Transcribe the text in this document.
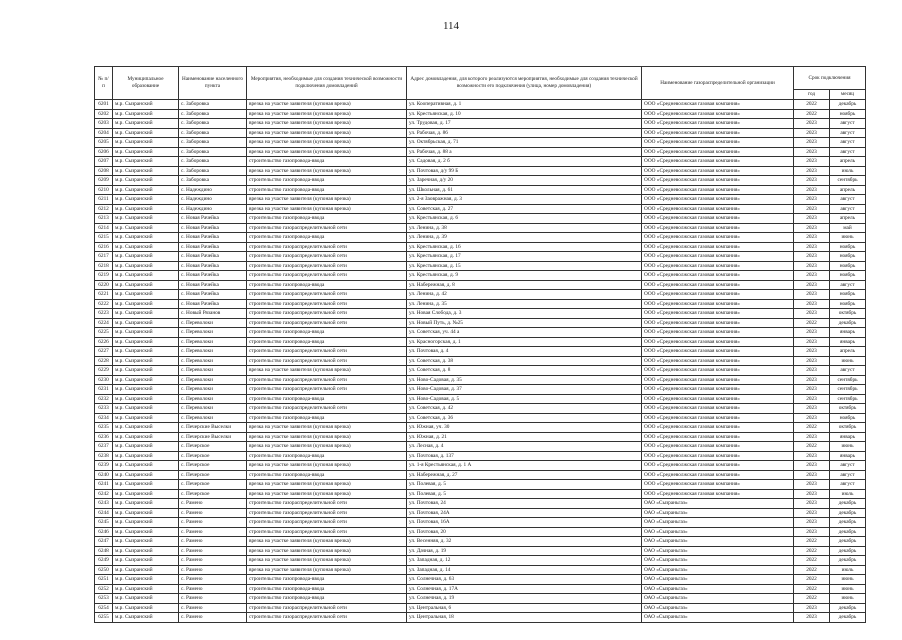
114
№ п/п	Муниципальное образование	Наименование населенного пункта	Мероприятия, необходимые для создания технической возможности подключения домовладений	Адрес домовладения, для которого реализуются мероприятия, необходимые для создания технической возможности его подключения (улица, номер домовладения)	Наименование газораспределительной организации	Срок подключения	
						год	месяц
6201	м.р. Сызранский	с. Заборовка	врезка на участке заявителя (купоная врезка)	ул. Кооперативная, д. 1	ООО «Средневолжская газовая компания»	2022	декабрь
6202	м.р. Сызранский	с. Заборовка	врезка на участке заявителя (купоная врезка)	ул. Крестьянская, д. 10	ООО «Средневолжская газовая компания»	2022	ноябрь
6203	м.р. Сызранский	с. Заборовка	врезка на участке заявителя (купоная врезка)	ул. Трудовая, д. 17	ООО «Средневолжская газовая компания»	2023	август
6204	м.р. Сызранский	с. Заборовка	врезка на участке заявителя (купоная врезка)	ул. Рабочая, д. 86	ООО «Средневолжская газовая компания»	2023	август
6205	м.р. Сызранский	с. Заборовка	врезка на участке заявителя (купоная врезка)	ул. Октябрьская, д. 71	ООО «Средневолжская газовая компания»	2023	август
6206	м.р. Сызранский	с. Заборовка	врезка на участке заявителя (купоная врезка)	ул. Рабочая, д. 88 а	ООО «Средневолжская газовая компания»	2023	август
6207	м.р. Сызранский	с. Заборовка	строительство газопровода-ввода	ул. Садовая, д. 2 б	ООО «Средневолжская газовая компания»	2023	апрель
6208	м.р. Сызранский	с. Заборовка	врезка на участке заявителя (купоная врезка)	ул. Почтовая, д/у 99 Б	ООО «Средневолжская газовая компания»	2023	июль
6209	м.р. Сызранский	с. Заборовка	строительство газопровода-ввода	ул. Заречная, д/у 20	ООО «Средневолжская газовая компания»	2023	сентябрь
6210	м.р. Сызранский	с. Надеждино	строительство газопровода-ввода	ул. Школьная, д. 61	ООО «Средневолжская газовая компания»	2023	апрель
6211	м.р. Сызранский	с. Надеждино	врезка на участке заявителя (купоная врезка)	ул. 2-я Заовражная, д. 3	ООО «Средневолжская газовая компания»	2023	август
6212	м.р. Сызранский	с. Надеждино	врезка на участке заявителя (купоная врезка)	ул. Советская, д. 27	ООО «Средневолжская газовая компания»	2023	август
6213	м.р. Сызранский	с. Новая Рачейка	строительство газопровода-ввода	ул. Крестьянская, д. 6	ООО «Средневолжская газовая компания»	2023	апрель
6214	м.р. Сызранский	с. Новая Рачейка	строительство газораспределительной сети	ул. Ленина, д. 38	ООО «Средневолжская газовая компания»	2023	май
6215	м.р. Сызранский	с. Новая Рачейка	строительство газопровода-ввода	ул. Ленина, д. 39	ООО «Средневолжская газовая компания»	2023	июнь
6216	м.р. Сызранский	с. Новая Рачейка	строительство газораспределительной сети	ул. Крестьянская, д. 16	ООО «Средневолжская газовая компания»	2023	ноябрь
6217	м.р. Сызранский	с. Новая Рачейка	строительство газораспределительной сети	ул. Крестьянская, д. 17	ООО «Средневолжская газовая компания»	2023	ноябрь
6218	м.р. Сызранский	с. Новая Рачейка	строительство газораспределительной сети	ул. Крестьянская, д. 15	ООО «Средневолжская газовая компания»	2023	ноябрь
6219	м.р. Сызранский	с. Новая Рачейка	строительство газораспределительной сети	ул. Крестьянская, д. 9	ООО «Средневолжская газовая компания»	2023	ноябрь
6220	м.р. Сызранский	с. Новая Рачейка	строительство газопровода-ввода	ул. Набережная, д. 8	ООО «Средневолжская газовая компания»	2023	август
6221	м.р. Сызранский	с. Новая Рачейка	строительство газораспределительной сети	ул. Ленина, д. 42	ООО «Средневолжская газовая компания»	2023	ноябрь
6222	м.р. Сызранский	с. Новая Рачейка	строительство газораспределительной сети	ул. Ленина, д. 35	ООО «Средневолжская газовая компания»	2023	ноябрь
6223	м.р. Сызранский	с. Новый Рязанов	строительство газораспределительной сети	ул. Новая Слобода, д. 3	ООО «Средневолжская газовая компания»	2023	октябрь
6224	м.р. Сызранский	с. Переволоки	строительство газораспределительной сети	ул. Новый Путь, д. №25	ООО «Средневолжская газовая компания»	2022	декабрь
6225	м.р. Сызранский	с. Переволоки	строительство газопровода-ввода	ул. Советская, уч. 44 а	ООО «Средневолжская газовая компания»	2023	январь
6226	м.р. Сызранский	с. Переволоки	строительство газопровода-ввода	ул. Красногорская, д. 1	ООО «Средневолжская газовая компания»	2023	январь
6227	м.р. Сызранский	с. Переволоки	строительство газораспределительной сети	ул. Почтовая, д. 4	ООО «Средневолжская газовая компания»	2023	апрель
6228	м.р. Сызранский	с. Переволоки	строительство газораспределительной сети	ул. Советская, д. 38	ООО «Средневолжская газовая компания»	2023	июнь
6229	м.р. Сызранский	с. Переволоки	врезка на участке заявителя (купоная врезка)	ул. Советская, д. 8	ООО «Средневолжская газовая компания»	2023	август
6230	м.р. Сызранский	с. Переволоки	строительство газораспределительной сети	ул. Ново-Садовая, д. 35	ООО «Средневолжская газовая компания»	2023	сентябрь
6231	м.р. Сызранский	с. Переволоки	строительство газораспределительной сети	ул. Ново-Садовая, д. 37	ООО «Средневолжская газовая компания»	2023	сентябрь
6232	м.р. Сызранский	с. Переволоки	строительство газопровода-ввода	ул. Ново-Садовая, д. 5	ООО «Средневолжская газовая компания»	2023	сентябрь
6233	м.р. Сызранский	с. Переволоки	строительство газораспределительной сети	ул. Советская, д. 42	ООО «Средневолжская газовая компания»	2023	октябрь
6234	м.р. Сызранский	с. Переволоки	строительство газопровода-ввода	ул. Советская, д. 36	ООО «Средневолжская газовая компания»	2023	ноябрь
6235	м.р. Сызранский	с. Печерские Выселки	врезка на участке заявителя (купоная врезка)	ул. Южная, уч. 30	ООО «Средневолжская газовая компания»	2022	октябрь
6236	м.р. Сызранский	с. Печерские Выселки	врезка на участке заявителя (купоная врезка)	ул. Южная, д. 21	ООО «Средневолжская газовая компания»	2023	январь
6237	м.р. Сызранский	с. Печерское	врезка на участке заявителя (купоная врезка)	ул. Лесная, д. 4	ООО «Средневолжская газовая компания»	2022	июнь
6238	м.р. Сызранский	с. Печерское	строительство газопровода-ввода	ул. Почтовая, д. 137	ООО «Средневолжская газовая компания»	2023	январь
6239	м.р. Сызранский	с. Печерское	врезка на участке заявителя (купоная врезка)	ул. 1-я Крестьянская, д. 1 А	ООО «Средневолжская газовая компания»	2023	август
6240	м.р. Сызранский	с. Печерское	строительство газопровода-ввода	ул. Набережная, д. 27	ООО «Средневолжская газовая компания»	2023	август
6241	м.р. Сызранский	с. Печерское	врезка на участке заявителя (купоная врезка)	ул. Полевая, д. 5	ООО «Средневолжская газовая компания»	2023	август
6242	м.р. Сызранский	с. Печерское	врезка на участке заявителя (купоная врезка)	ул. Полевая, д. 5	ООО «Средневолжская газовая компания»	2023	июль
6243	м.р. Сызранский	с. Рамено	строительство газораспределительной сети	ул. Почтовая, 24	ОАО «Сызраньгаз»	2023	декабрь
6244	м.р. Сызранский	с. Рамено	строительство газораспределительной сети	ул. Почтовая, 24А	ОАО «Сызраньгаз»	2023	декабрь
6245	м.р. Сызранский	с. Рамено	строительство газораспределительной сети	ул. Почтовая, 16А	ОАО «Сызраньгаз»	2023	декабрь
6246	м.р. Сызранский	с. Рамено	строительство газораспределительной сети	ул. Почтовая, 20	ОАО «Сызраньгаз»	2023	декабрь
6247	м.р. Сызранский	с. Рамено	врезка на участке заявителя (купоная врезка)	ул. Весенняя, д. 32	ОАО «Сызраньгаз»	2022	декабрь
6248	м.р. Сызранский	с. Рамено	врезка на участке заявителя (купоная врезка)	ул. Дачная, д. 19	ОАО «Сызраньгаз»	2022	декабрь
6249	м.р. Сызранский	с. Рамено	врезка на участке заявителя (купоная врезка)	ул. Западная, д. 12	ОАО «Сызраньгаз»	2022	декабрь
6250	м.р. Сызранский	с. Рамено	врезка на участке заявителя (купоная врезка)	ул. Западная, д. 14	ОАО «Сызраньгаз»	2022	июль
6251	м.р. Сызранский	с. Рамено	строительство газопровода-ввода	ул. Солнечная, д. 63	ОАО «Сызраньгаз»	2022	июнь
6252	м.р. Сызранский	с. Рамено	строительство газопровода-ввода	ул. Солнечная, д. 17А	ОАО «Сызраньгаз»	2022	июнь
6253	м.р. Сызранский	с. Рамено	строительство газопровода-ввода	ул. Солнечная, д. 19	ОАО «Сызраньгаз»	2022	июнь
6254	м.р. Сызранский	с. Рамено	строительство газораспределительной сети	ул. Центральная, 6	ОАО «Сызраньгаз»	2023	декабрь
6255	м.р. Сызранский	с. Рамено	строительство газораспределительной сети	ул. Центральная, 18	ОАО «Сызраньгаз»	2023	декабрь
